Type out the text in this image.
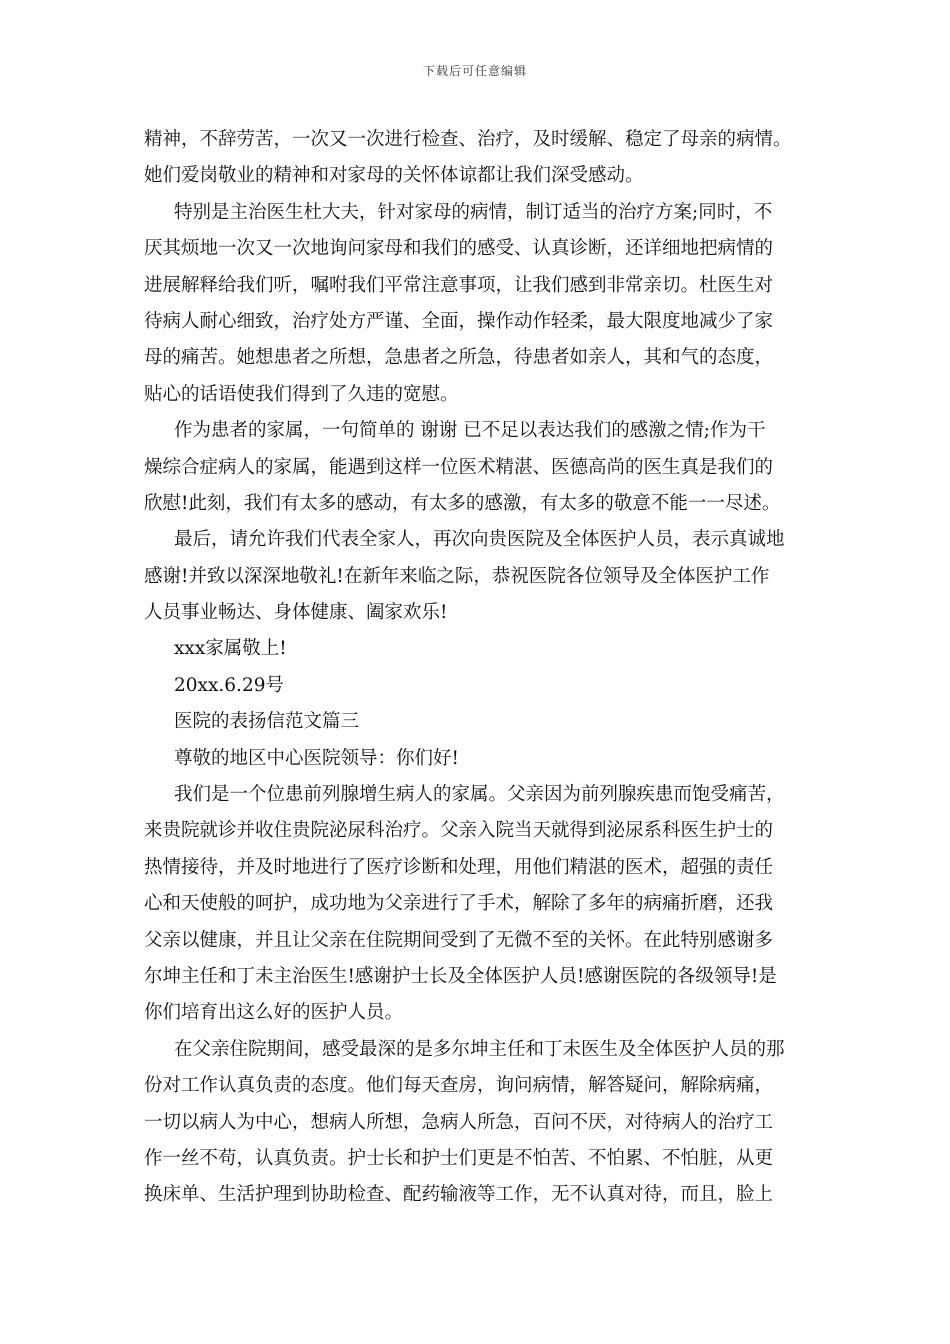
下载后可任意编辑
精神，不辞劳苦，一次又一次进行检查、治疗，及时缓解、稳定了母亲的病情。
她们爱岗敬业的精神和对家母的关怀体谅都让我们深受感动。
特别是主治医生杜大夫，针对家母的病情，制订适当的治疗方案;同时，不
厌其烦地一次又一次地询问家母和我们的感受、认真诊断，还详细地把病情的
进展解释给我们听，嘱咐我们平常注意事项，让我们感到非常亲切。杜医生对
待病人耐心细致，治疗处方严谨、全面，操作动作轻柔，最大限度地减少了家
母的痛苦。她想患者之所想，急患者之所急，待患者如亲人，其和气的态度，
贴心的话语使我们得到了久违的宽慰。
作为患者的家属，一句简单的 谢谢 已不足以表达我们的感激之情;作为干
燥综合症病人的家属，能遇到这样一位医术精湛、医德高尚的医生真是我们的
欣慰!此刻，我们有太多的感动，有太多的感激，有太多的敬意不能一一尽述。
最后，请允许我们代表全家人，再次向贵医院及全体医护人员，表示真诚地
感谢!并致以深深地敬礼!在新年来临之际，恭祝医院各位领导及全体医护工作
人员事业畅达、身体健康、阖家欢乐!
xxx家属敬上!
20xx.6.29号
医院的表扬信范文篇三
尊敬的地区中心医院领导：你们好!
我们是一个位患前列腺增生病人的家属。父亲因为前列腺疾患而饱受痛苦，
来贵院就诊并收住贵院泌尿科治疗。父亲入院当天就得到泌尿系科医生护士的
热情接待，并及时地进行了医疗诊断和处理，用他们精湛的医术，超强的责任
心和天使般的呵护，成功地为父亲进行了手术，解除了多年的病痛折磨，还我
父亲以健康，并且让父亲在住院期间受到了无微不至的关怀。在此特别感谢多
尔坤主任和丁未主治医生!感谢护士长及全体医护人员!感谢医院的各级领导!是
你们培育出这么好的医护人员。
在父亲住院期间，感受最深的是多尔坤主任和丁未医生及全体医护人员的那
份对工作认真负责的态度。他们每天查房，询问病情，解答疑问，解除病痛，
一切以病人为中心，想病人所想，急病人所急，百问不厌，对待病人的治疗工
作一丝不苟，认真负责。护士长和护士们更是不怕苦、不怕累、不怕脏，从更
换床单、生活护理到协助检查、配药输液等工作，无不认真对待，而且，脸上
